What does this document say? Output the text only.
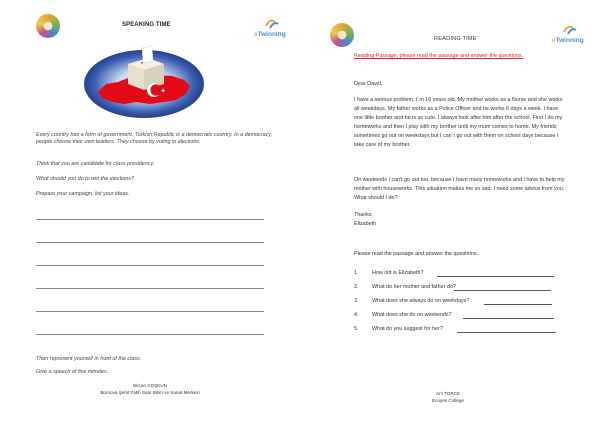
eTwinning
SPEAKING TIME
Every country has a form of government. Turkish Republic is a democratic country. In a democracy, people choose their own leaders. They choose by voting in elections.
Think that you are candidate for class presidency.
What should you do to win the elections?
Prepare your campaign, list your ideas.
Then represent yourself in front of the class.
Give a speech of five minutes.
Bircan COŞKUN
Bornova Şehit Fatih Satır Bilim ve Sanat Merkezi
eTwinning
READING TIME
Reading Passage, please read the passage and answer the questions.
Dear David,
I have a serious problem, I´m 16 years old. My mother works as a Nurse and she works all weekdays. My father works as a Police Officer and he works 6 days a week. I have one little brother and he is so cute. I always look after him after the school. First I do my homeworks and then I play with my brother until my mum comes to home. My friends sometimes go out on weekdays but I can´t go out with them on school days because I take care of my brother.
On weekends I can't go out too, because I have many homeworks and I have to help my mother with houseworks. This situation makes me so sad. I need some advice from you. What should I do?
Thanks
Elizabeth
Please read the passage and answer the questions.
1.	How old is Elizabeth?
2.	What do her mother and father do?
3.	What does she always do on weekdays?
4.	What does she do on weekends?
5.	What do you suggest for her?
Arıl TORCE
Erciyes College
